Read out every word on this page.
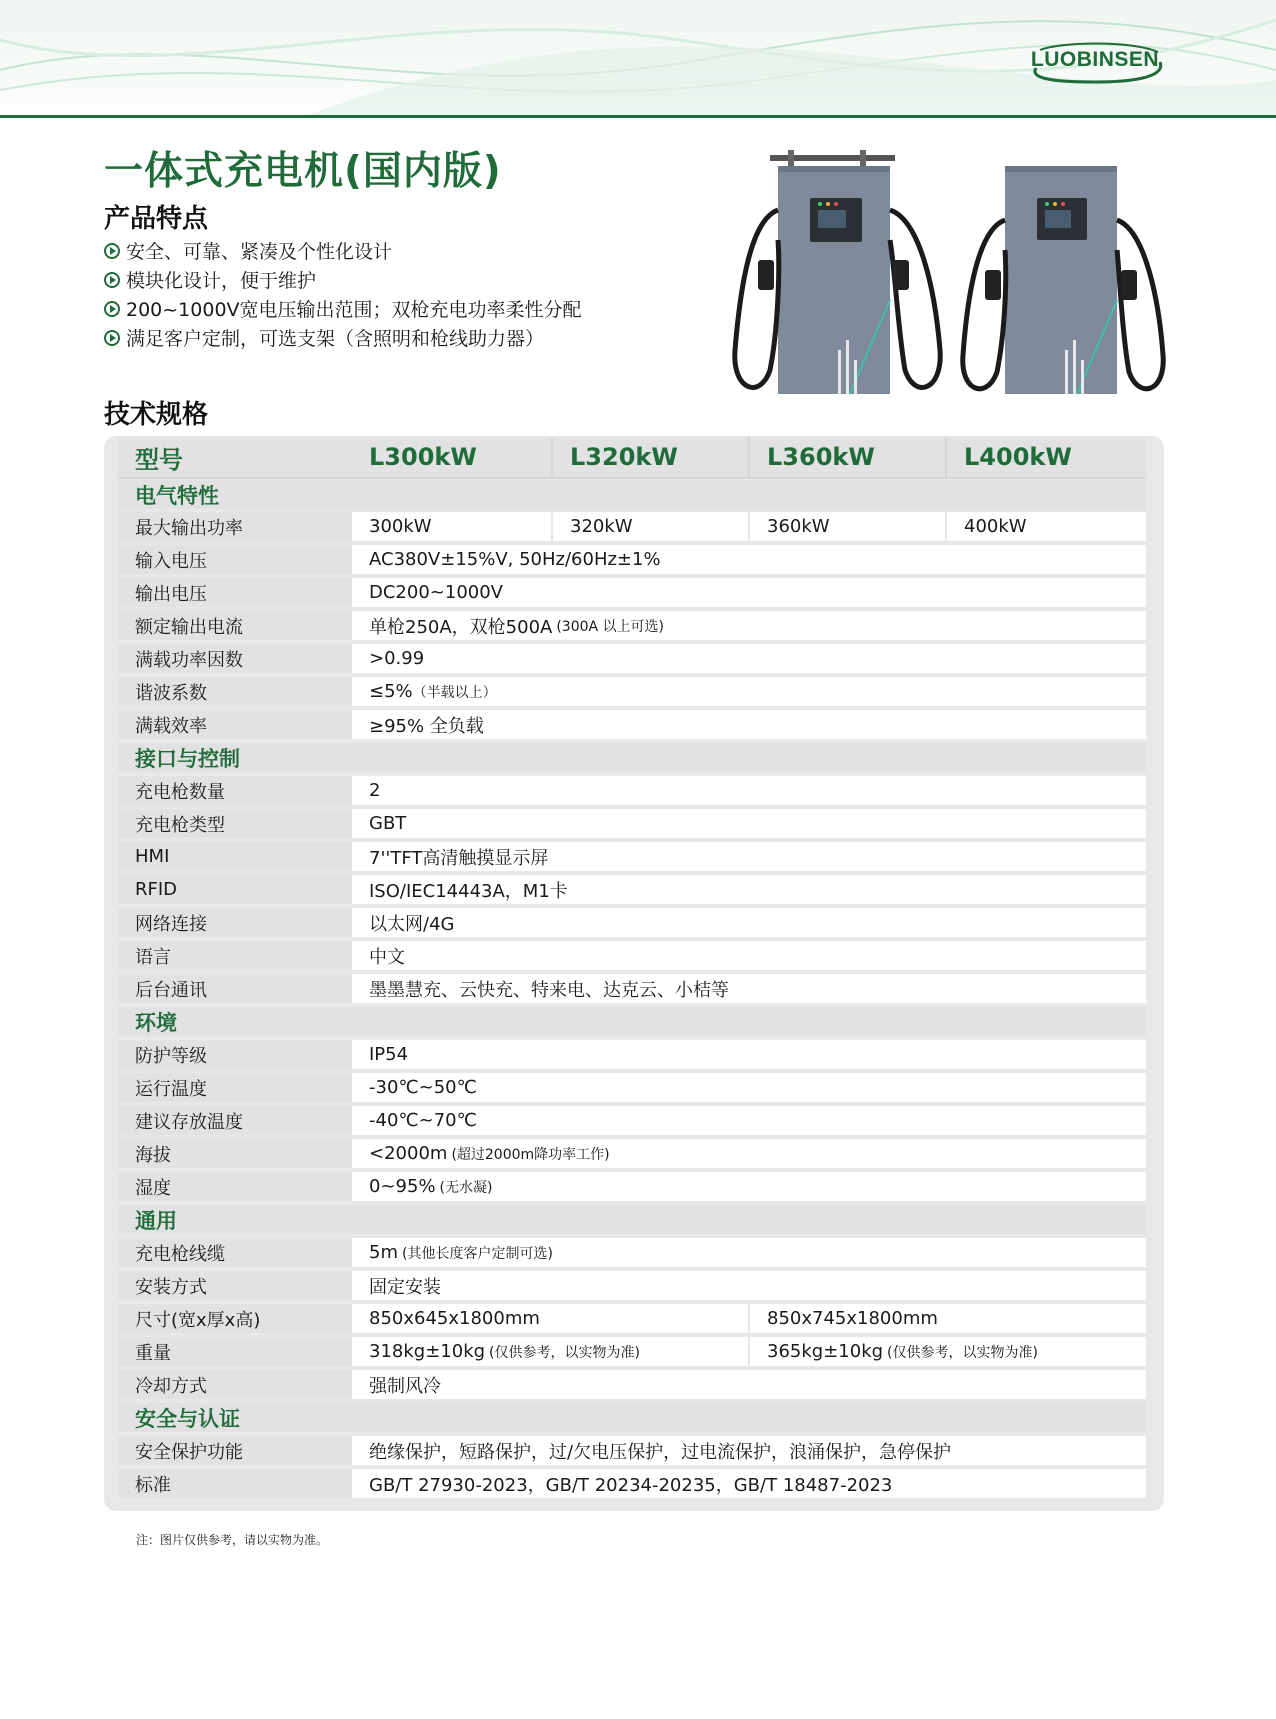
LUOBINSEN
一体式充电机(国内版)
产品特点
安全、可靠、紧凑及个性化设计
模块化设计，便于维护
200~1000V宽电压输出范围；双枪充电功率柔性分配
满足客户定制，可选支架（含照明和枪线助力器）
技术规格
型号	L300kW	L320kW	L360kW	L400kW
电气特性
最大输出功率	300kW	320kW	360kW	400kW
输入电压	AC380V±15%V, 50Hz/60Hz±1%
输出电压	DC200~1000V
额定输出电流	单枪250A，双枪500A (300A 以上可选)
满载功率因数	>0.99
谐波系数	≤5% （半载以上）
满载效率	≥95% 全负载
接口与控制
充电枪数量	2
充电枪类型	GBT
HMI	7''TFT高清触摸显示屏
RFID	ISO/IEC14443A，M1卡
网络连接	以太网/4G
语言	中文
后台通讯	墨墨慧充、云快充、特来电、达克云、小桔等
环境
防护等级	IP54
运行温度	-30℃~50℃
建议存放温度	-40℃~70℃
海拔	<2000m (超过2000m降功率工作)
湿度	0~95% (无水凝)
通用
充电枪线缆	5m (其他长度客户定制可选)
安装方式	固定安装
尺寸(宽x厚x高)	850x645x1800mm	850x745x1800mm
重量	318kg±10kg (仅供参考，以实物为准)	365kg±10kg (仅供参考，以实物为准)
冷却方式	强制风冷
安全与认证
安全保护功能	绝缘保护，短路保护，过/欠电压保护，过电流保护，浪涌保护，急停保护
标准	GB/T 27930-2023，GB/T 20234-20235，GB/T 18487-2023
注：图片仅供参考，请以实物为准。
